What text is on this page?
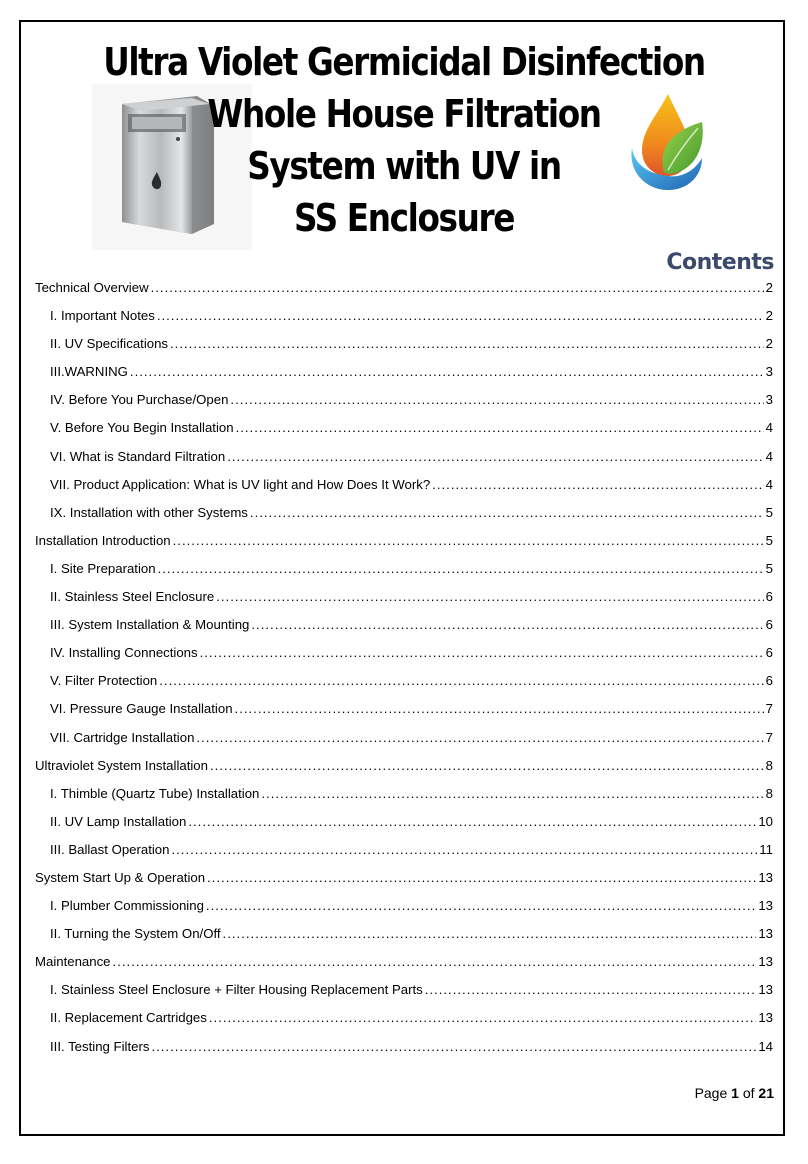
Ultra Violet Germicidal Disinfection
Whole House Filtration
System with UV in
SS Enclosure
Contents
Technical Overview .....	2
I. Important Notes .....	2
II. UV Specifications .....	2
III.WARNING .....	3
IV. Before You Purchase/Open .....	3
V. Before You Begin Installation .....	4
VI. What is Standard Filtration .....	4
VII. Product Application: What is UV light and How Does It Work? .....	4
IX. Installation with other Systems .....	5
Installation Introduction .....	5
I. Site Preparation .....	5
II. Stainless Steel Enclosure .....	6
III. System Installation & Mounting .....	6
IV. Installing Connections .....	6
V. Filter Protection .....	6
VI. Pressure Gauge Installation .....	7
VII. Cartridge Installation .....	7
Ultraviolet System Installation .....	8
I. Thimble (Quartz Tube) Installation .....	8
II. UV Lamp Installation .....	10
III. Ballast Operation .....	11
System Start Up & Operation .....	13
I. Plumber Commissioning .....	13
II. Turning the System On/Off .....	13
Maintenance .....	13
I. Stainless Steel Enclosure + Filter Housing Replacement Parts .....	13
II. Replacement Cartridges .....	13
III. Testing Filters .....	14
Page 1 of 21
